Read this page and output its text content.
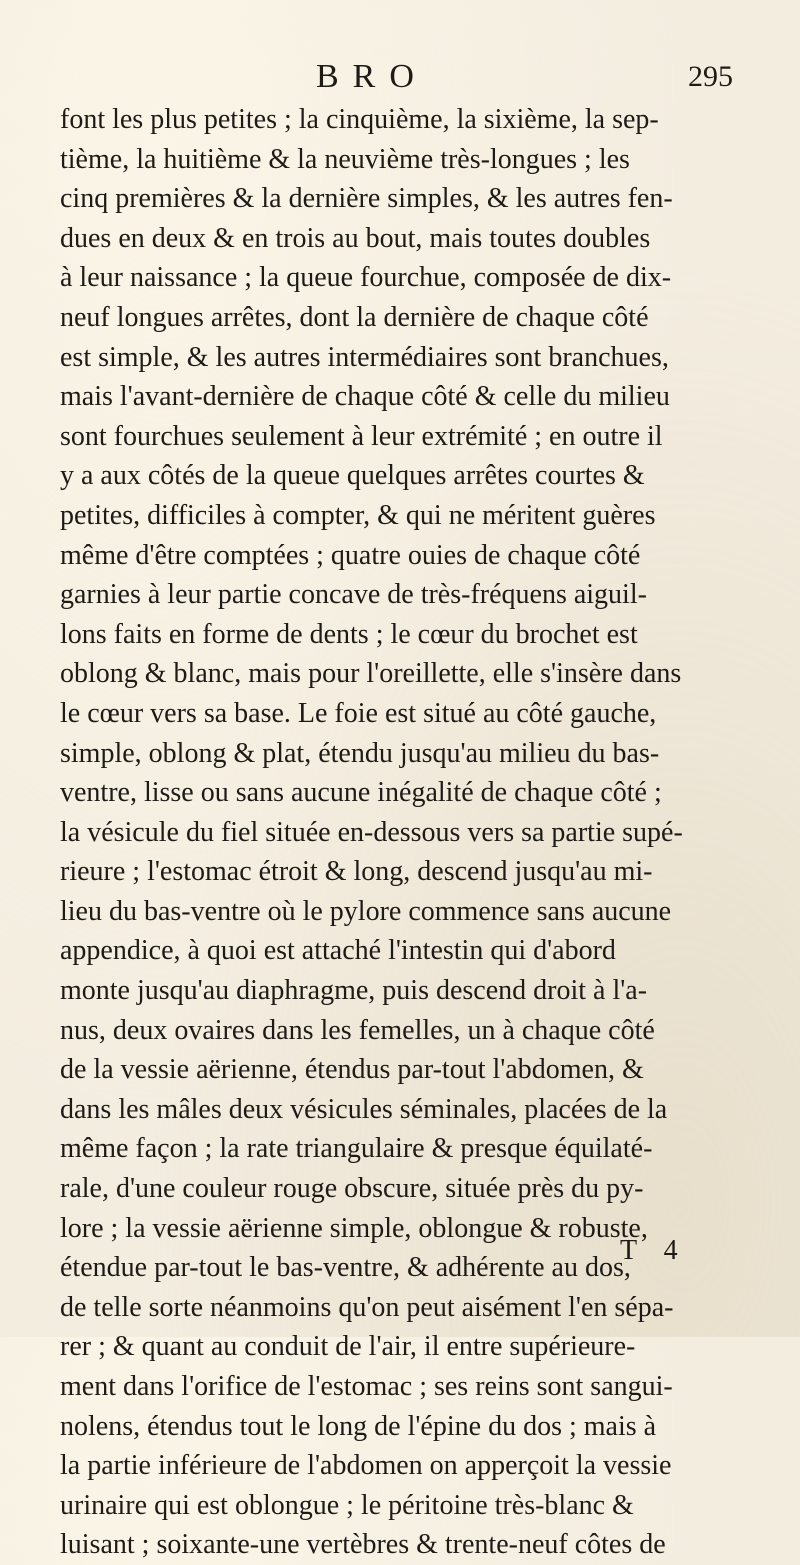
BRO	295
font les plus petites ; la cinquième, la sixième, la sep-
tième, la huitième & la neuvième très-longues ; les
cinq premières & la dernière simples, & les autres fen-
dues en deux & en trois au bout, mais toutes doubles
à leur naissance ; la queue fourchue, composée de dix-
neuf longues arrêtes, dont la dernière de chaque côté
est simple, & les autres intermédiaires sont branchues,
mais l'avant-dernière de chaque côté & celle du milieu
sont fourchues seulement à leur extrémité ; en outre il
y a aux côtés de la queue quelques arrêtes courtes &
petites, difficiles à compter, & qui ne méritent guères
même d'être comptées ; quatre ouies de chaque côté
garnies à leur partie concave de très-fréquens aiguil-
lons faits en forme de dents ; le cœur du brochet est
oblong & blanc, mais pour l'oreillette, elle s'insère dans
le cœur vers sa base. Le foie est situé au côté gauche,
simple, oblong & plat, étendu jusqu'au milieu du bas-
ventre, lisse ou sans aucune inégalité de chaque côté ;
la vésicule du fiel située en-dessous vers sa partie supé-
rieure ; l'estomac étroit & long, descend jusqu'au mi-
lieu du bas-ventre où le pylore commence sans aucune
appendice, à quoi est attaché l'intestin qui d'abord
monte jusqu'au diaphragme, puis descend droit à l'a-
nus, deux ovaires dans les femelles, un à chaque côté
de la vessie aërienne, étendus par-tout l'abdomen, &
dans les mâles deux vésicules séminales, placées de la
même façon ; la rate triangulaire & presque équilaté-
rale, d'une couleur rouge obscure, située près du py-
lore ; la vessie aërienne simple, oblongue & robuste,
étendue par-tout le bas-ventre, & adhérente au dos,
de telle sorte néanmoins qu'on peut aisément l'en sépa-
rer ; & quant au conduit de l'air, il entre supérieure-
ment dans l'orifice de l'estomac ; ses reins sont sangui-
nolens, étendus tout le long de l'épine du dos ; mais à
la partie inférieure de l'abdomen on apperçoit la vessie
urinaire qui est oblongue ; le péritoine très-blanc &
luisant ; soixante-une vertèbres & trente-neuf côtes de
T 4
